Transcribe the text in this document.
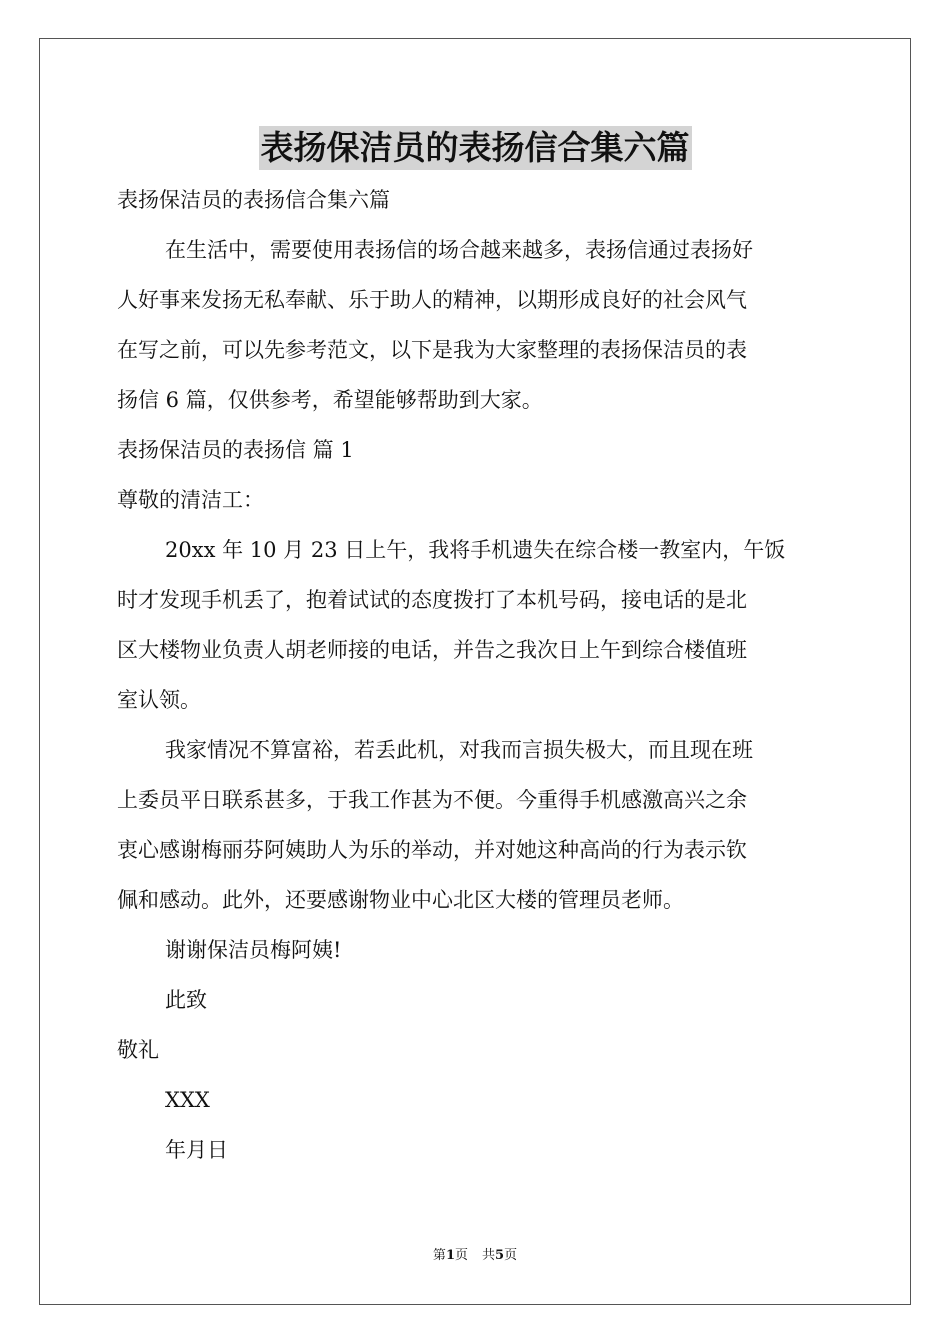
表扬保洁员的表扬信合集六篇
表扬保洁员的表扬信合集六篇
在生活中，需要使用表扬信的场合越来越多，表扬信通过表扬好
人好事来发扬无私奉献、乐于助人的精神，以期形成良好的社会风气
在写之前，可以先参考范文，以下是我为大家整理的表扬保洁员的表
扬信 6 篇，仅供参考，希望能够帮助到大家。
表扬保洁员的表扬信 篇 1
尊敬的清洁工：
20xx 年 10 月 23 日上午，我将手机遗失在综合楼一教室内，午饭
时才发现手机丢了，抱着试试的态度拨打了本机号码，接电话的是北
区大楼物业负责人胡老师接的电话，并告之我次日上午到综合楼值班
室认领。
我家情况不算富裕，若丢此机，对我而言损失极大，而且现在班
上委员平日联系甚多，于我工作甚为不便。今重得手机感激高兴之余
衷心感谢梅丽芬阿姨助人为乐的举动，并对她这种高尚的行为表示钦
佩和感动。此外，还要感谢物业中心北区大楼的管理员老师。
谢谢保洁员梅阿姨!
此致
敬礼
XXX
年月日
第1页 共5页
